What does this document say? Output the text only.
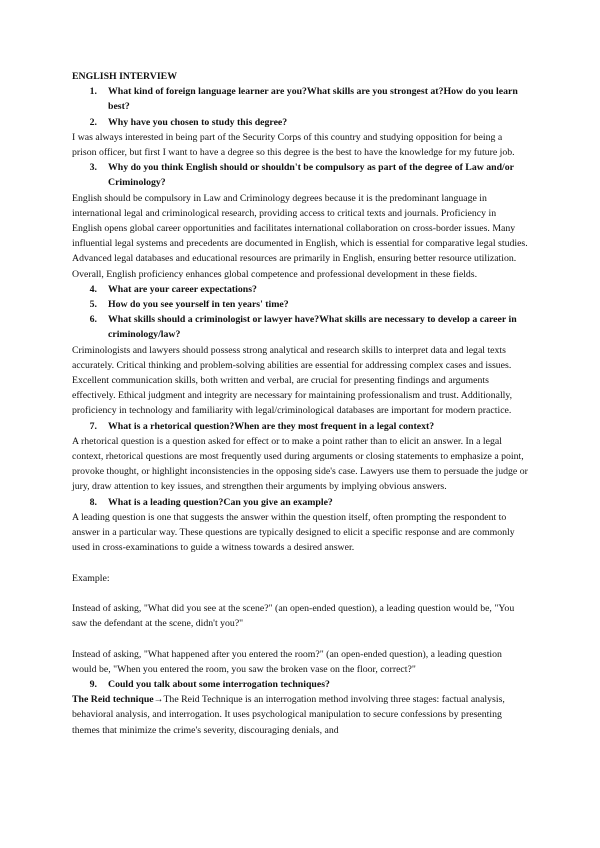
ENGLISH INTERVIEW
1.	What kind of foreign language learner are you?What skills are you strongest at?How do you learn best?
2.	Why have you chosen to study this degree?

I was always interested in being part of the Security Corps of this country and studying opposition for being a prison officer, but first I want to have a degree so this degree is the best to have the knowledge for my future job.

3.	Why do you think English should or shouldn't be compulsory as part of the degree of Law and/or Criminology?

English should be compulsory in Law and Criminology degrees because it is the predominant language in international legal and criminological research, providing access to critical texts and journals. Proficiency in English opens global career opportunities and facilitates international collaboration on cross-border issues. Many influential legal systems and precedents are documented in English, which is essential for comparative legal studies. Advanced legal databases and educational resources are primarily in English, ensuring better resource utilization. Overall, English proficiency enhances global competence and professional development in these fields.

4.	What are your career expectations?
5.	How do you see yourself in ten years' time?
6.	What skills should a criminologist or lawyer have?What skills are necessary to develop a career in criminology/law?

Criminologists and lawyers should possess strong analytical and research skills to interpret data and legal texts accurately. Critical thinking and problem-solving abilities are essential for addressing complex cases and issues. Excellent communication skills, both written and verbal, are crucial for presenting findings and arguments effectively. Ethical judgment and integrity are necessary for maintaining professionalism and trust. Additionally, proficiency in technology and familiarity with legal/criminological databases are important for modern practice.

7.	What is a rhetorical question?When are they most frequent in a legal context?

A rhetorical question is a question asked for effect or to make a point rather than to elicit an answer. In a legal context, rhetorical questions are most frequently used during arguments or closing statements to emphasize a point, provoke thought, or highlight inconsistencies in the opposing side's case. Lawyers use them to persuade the judge or jury, draw attention to key issues, and strengthen their arguments by implying obvious answers.

8.	What is a leading question?Can you give an example?

A leading question is one that suggests the answer within the question itself, often prompting the respondent to answer in a particular way. These questions are typically designed to elicit a specific response and are commonly used in cross-examinations to guide a witness towards a desired answer.

Example:

Instead of asking, "What did you see at the scene?" (an open-ended question), a leading question would be, "You saw the defendant at the scene, didn't you?"

Instead of asking, "What happened after you entered the room?" (an open-ended question), a leading question would be, "When you entered the room, you saw the broken vase on the floor, correct?"

9.	Could you talk about some interrogation techniques?

The Reid technique→The Reid Technique is an interrogation method involving three stages: factual analysis, behavioral analysis, and interrogation. It uses psychological manipulation to secure confessions by presenting themes that minimize the crime's severity, discouraging denials, and
